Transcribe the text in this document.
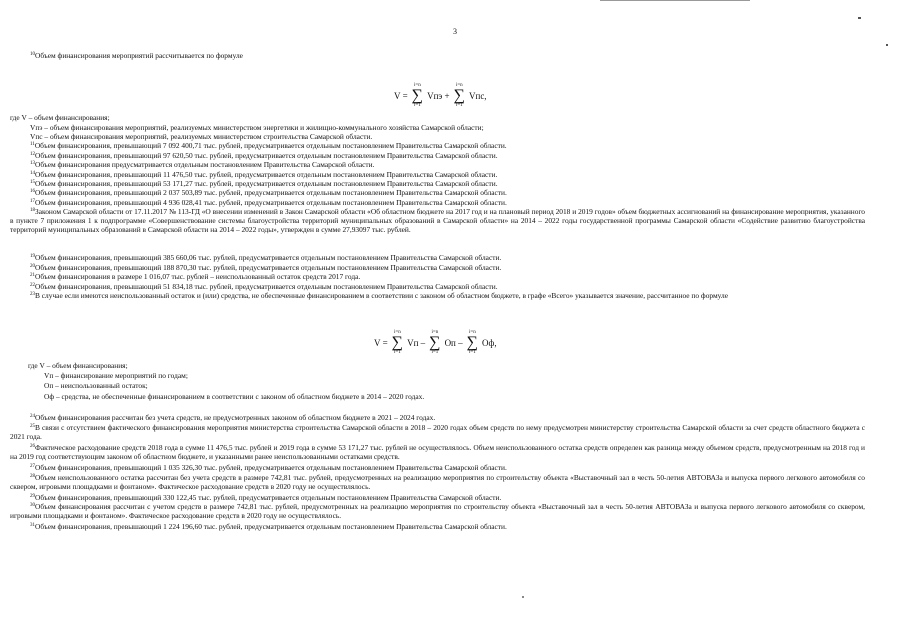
3
$^{10}$Объем финансирования мероприятий рассчитывается по формуле
V =
i=n
∑
i=1
Vпэ +
i=n
∑
i=1
Vпс,
где V – объем финансирования;
Vпэ – объем финансирования мероприятий, реализуемых министерством энергетики и жилищно-коммунального хозяйства Самарской области;
Vпс – объем финансирования мероприятий, реализуемых министерством строительства Самарской области.
$^{11}$Объем финансирования, превышающий 7 092 400,71 тыс. рублей, предусматривается отдельным постановлением Правительства Самарской области.
$^{12}$Объем финансирования, превышающий 97 620,50 тыс. рублей, предусматривается отдельным постановлением Правительства Самарской области.
$^{13}$Объем финансирования предусматривается отдельным постановлением Правительства Самарской области.
$^{14}$Объем финансирования, превышающий 11 476,50 тыс. рублей, предусматривается отдельным постановлением Правительства Самарской области.
$^{15}$Объем финансирования, превышающий 53 171,27 тыс. рублей, предусматривается отдельным постановлением Правительства Самарской области.
$^{16}$Объем финансирования, превышающий 2 037 503,89 тыс. рублей, предусматривается отдельным постановлением Правительства Самарской области.
$^{17}$Объем финансирования, превышающий 4 936 028,41 тыс. рублей, предусматривается отдельным постановлением Правительства Самарской области.
$^{18}$Законом Самарской области от 17.11.2017 № 113-ГД «О внесении изменений в Закон Самарской области «Об областном бюджете на 2017 год и на плановый период 2018 и 2019 годов» объем бюджетных ассигнований на финансирование мероприятия, указанного в пункте 7 приложения 1 к подпрограмме «Совершенствование системы благоустройства территорий муниципальных образований в Самарской области» на 2014 – 2022 годы государственной программы Самарской области «Содействие развитию благоустройства территорий муниципальных образований в Самарской области на 2014 – 2022 годы», утвержден в сумме 27,93097 тыс. рублей.
$^{19}$Объем финансирования, превышающий 385 660,06 тыс. рублей, предусматривается отдельным постановлением Правительства Самарской области.
$^{20}$Объем финансирования, превышающий 188 870,30 тыс. рублей, предусматривается отдельным постановлением Правительства Самарской области.
$^{21}$Объем финансирования в размере 1 016,07 тыс. рублей – неиспользованный остаток средств 2017 года.
$^{22}$Объем финансирования, превышающий 51 834,18 тыс. рублей, предусматривается отдельным постановлением Правительства Самарской области.
$^{23}$В случае если имеются неиспользованный остаток и (или) средства, не обеспеченные финансированием в соответствии с законом об областном бюджете, в графе «Всего» указывается значение, рассчитанное по формуле
V =
i=n
∑
i=1
Vп –
i=n
∑
i=1
Оп –
i=n
∑
i=1
Оф,
где V – объем финансирования;
Vп – финансирование мероприятий по годам;
Оп – неиспользованный остаток;
Оф – средства, не обеспеченные финансированием в соответствии с законом об областном бюджете в 2014 – 2020 годах.
$^{24}$Объем финансирования рассчитан без учета средств, не предусмотренных законом об областном бюджете в 2021 – 2024 годах.
$^{25}$В связи с отсутствием фактического финансирования мероприятия министерства строительства Самарской области в 2018 – 2020 годах объем средств по нему предусмотрен министерству строительства Самарской области за счет средств областного бюджета с 2021 года.
$^{26}$Фактическое расходование средств 2018 года в сумме 11 476,5 тыс. рублей и 2019 года в сумме 53 171,27 тыс. рублей не осуществлялось. Объем неиспользованного остатка средств определен как разница между объемом средств, предусмотренным на 2018 год и на 2019 год соответствующим законом об областном бюджете, и указанными ранее неиспользованными остатками средств.
$^{27}$Объем финансирования, превышающий 1 035 326,30 тыс. рублей, предусматривается отдельным постановлением Правительства Самарской области.
$^{28}$Объем неиспользованного остатка рассчитан без учета средств в размере 742,81 тыс. рублей, предусмотренных на реализацию мероприятия по строительству объекта «Выставочный зал в честь 50-летия АВТОВАЗа и выпуска первого легкового автомобиля со сквером, игровыми площадками и фонтаном». Фактическое расходование средств в 2020 году не осуществлялось.
$^{29}$Объем финансирования, превышающий 330 122,45 тыс. рублей, предусматривается отдельным постановлением Правительства Самарской области.
$^{30}$Объем финансирования рассчитан с учетом средств в размере 742,81 тыс. рублей, предусмотренных на реализацию мероприятия по строительству объекта «Выставочный зал в честь 50-летия АВТОВАЗа и выпуска первого легкового автомобиля со сквером, игровыми площадками и фонтаном». Фактическое расходование средств в 2020 году не осуществлялось.
$^{31}$Объем финансирования, превышающий 1 224 196,60 тыс. рублей, предусматривается отдельным постановлением Правительства Самарской области.
